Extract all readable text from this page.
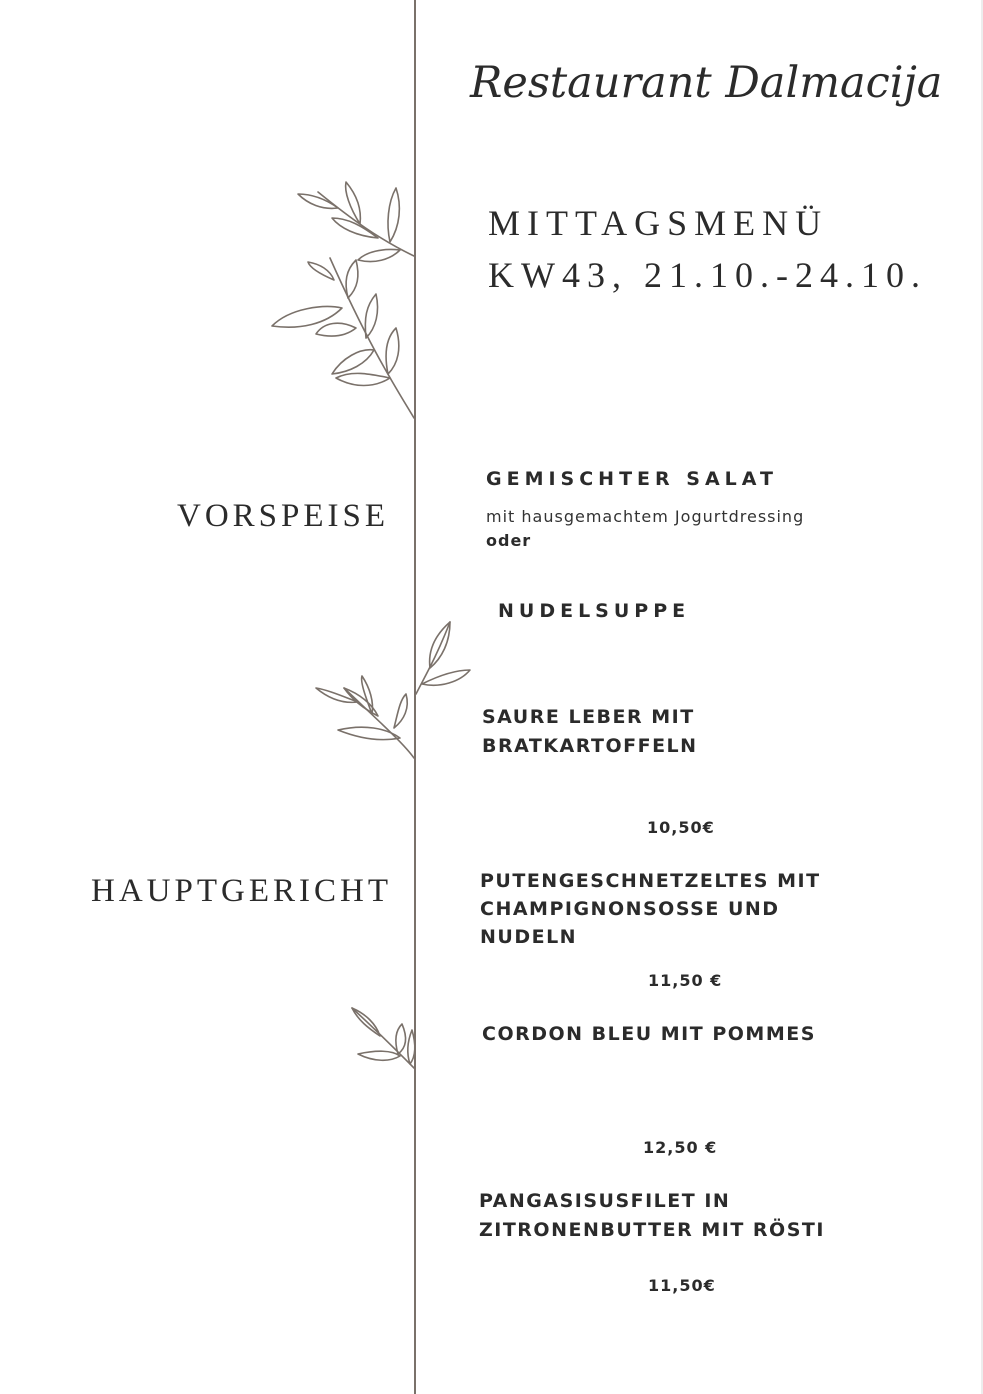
Restaurant Dalmacija
MITTAGSMENÜ
KW43, 21.10.-24.10.
VORSPEISE
HAUPTGERICHT
GEMISCHTER SALAT
mit hausgemachtem Jogurtdressing
oder
NUDELSUPPE
SAURE LEBER MIT
BRATKARTOFFELN
10,50€
PUTENGESCHNETZELTES MIT
CHAMPIGNONSOSSE UND
NUDELN
11,50 €
CORDON BLEU MIT POMMES
12,50 €
PANGASISUSFILET IN
ZITRONENBUTTER MIT RÖSTI
11,50€
